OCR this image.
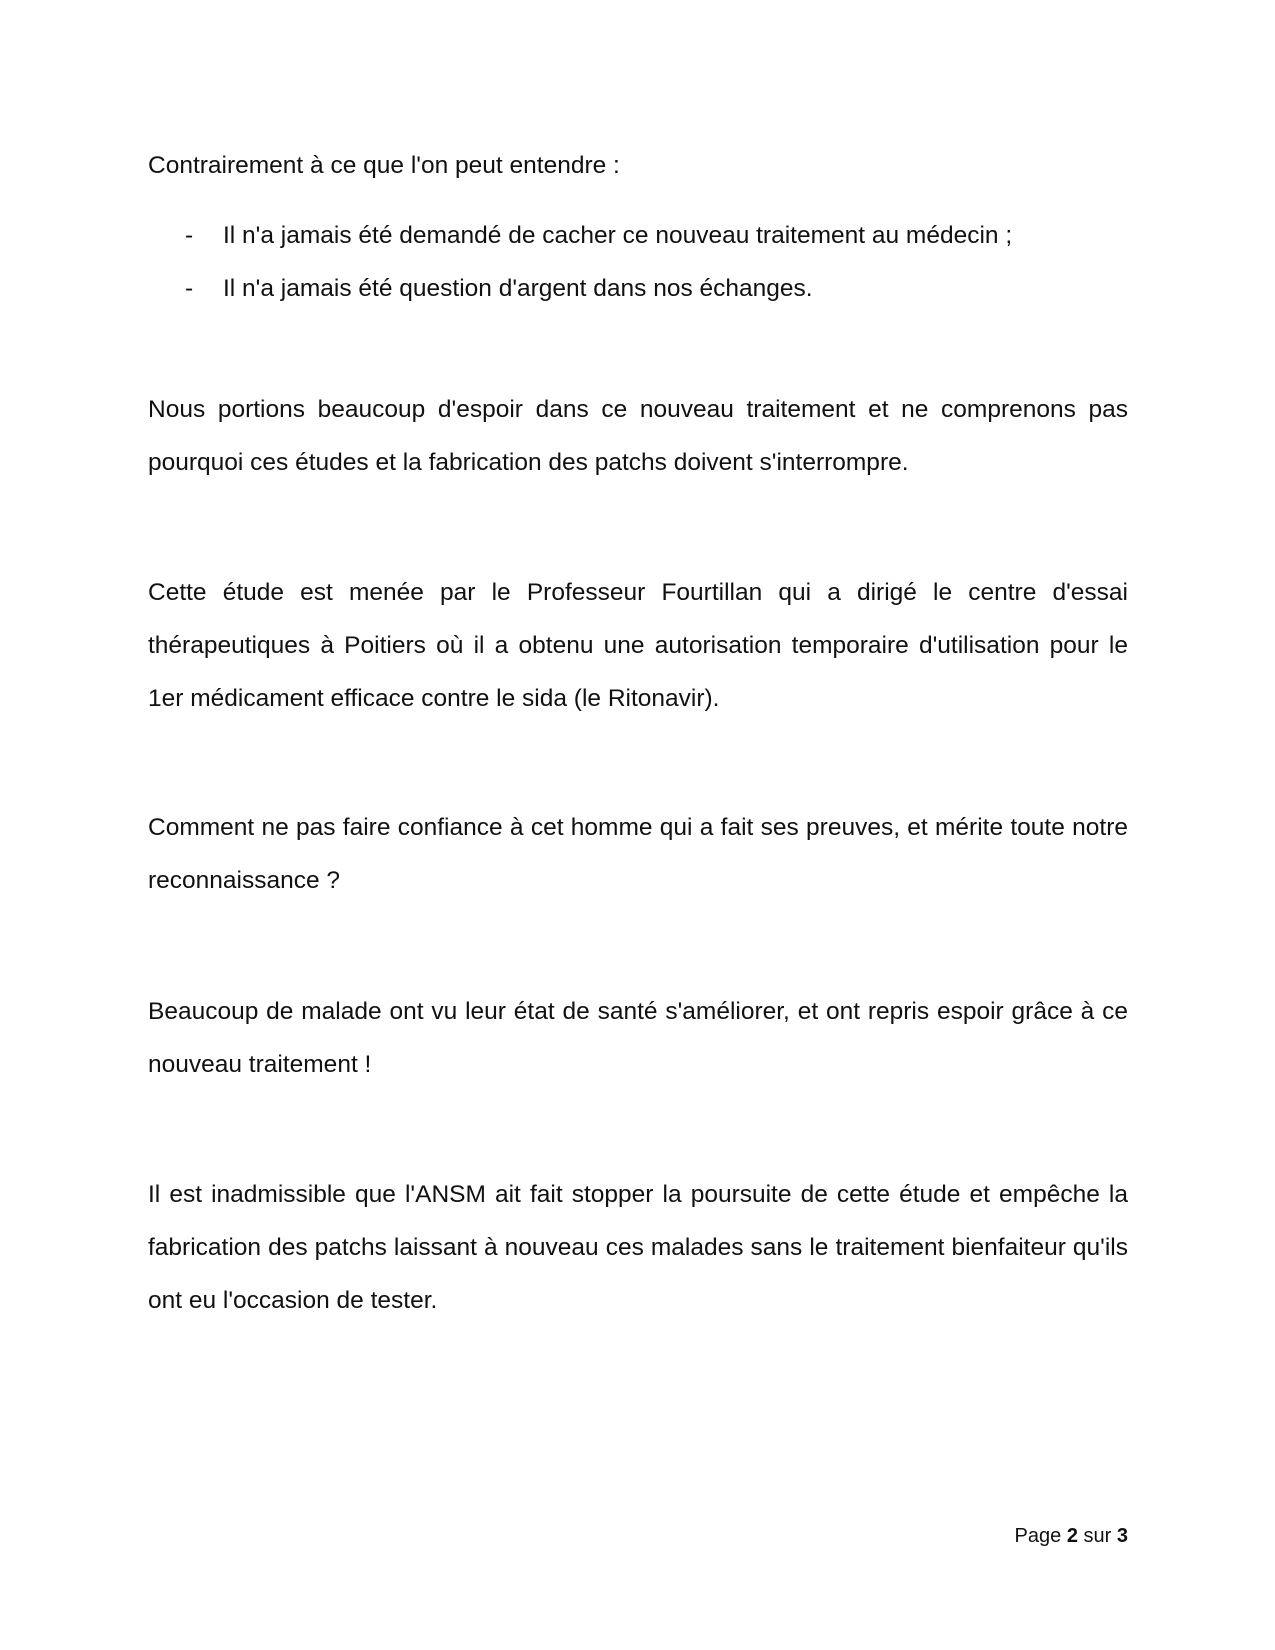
Contrairement à ce que l'on peut entendre :

- Il n'a jamais été demandé de cacher ce nouveau traitement au médecin ;
- Il n'a jamais été question d'argent dans nos échanges.

Nous portions beaucoup d'espoir dans ce nouveau traitement et ne comprenons pas pourquoi ces études et la fabrication des patchs doivent s'interrompre.

Cette étude est menée par le Professeur Fourtillan qui a dirigé le centre d'essai thérapeutiques à Poitiers où il a obtenu une autorisation temporaire d'utilisation pour le 1er médicament efficace contre le sida (le Ritonavir).

Comment ne pas faire confiance à cet homme qui a fait ses preuves, et mérite toute notre reconnaissance ?

Beaucoup de malade ont vu leur état de santé s'améliorer, et ont repris espoir grâce à ce nouveau traitement !

Il est inadmissible que l'ANSM ait fait stopper la poursuite de cette étude et empêche la fabrication des patchs laissant à nouveau ces malades sans le traitement bienfaiteur qu'ils ont eu l'occasion de tester.

Page 2 sur 3
